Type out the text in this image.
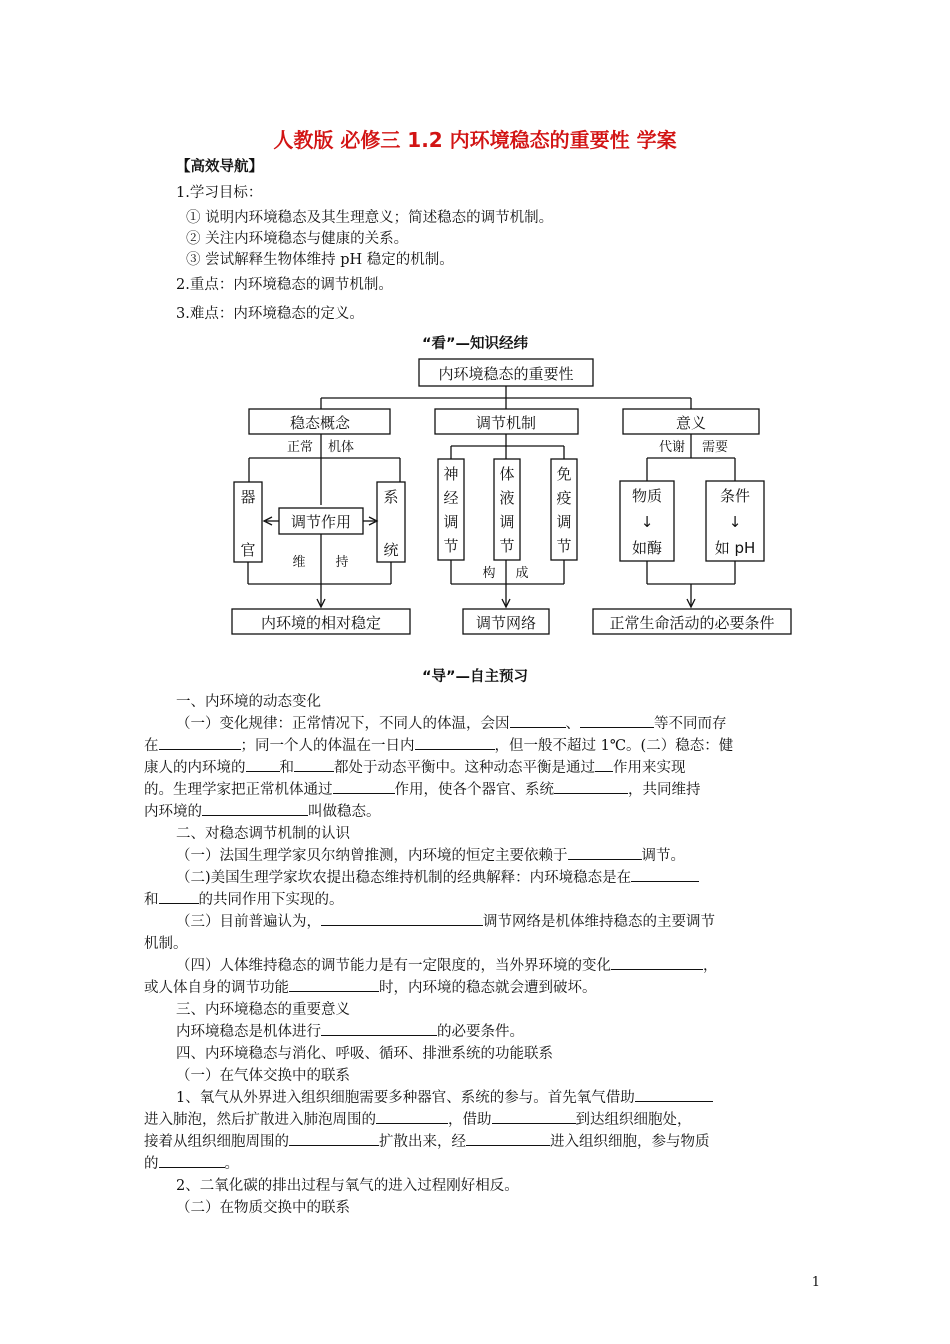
人教版 必修三 1.2 内环境稳态的重要性 学案
【高效导航】
1.学习目标：
① 说明内环境稳态及其生理意义；简述稳态的调节机制。
② 关注内环境稳态与健康的关系。
③ 尝试解释生物体维持 pH 稳定的机制。
2.重点：内环境稳态的调节机制。
3.难点：内环境稳态的定义。
“看”—知识经纬
内环境稳态的重要性
稳态概念	调节机制	意义
正常 机体
器
官
系
统
调节作用
维 持
神
经
调
节
体
液
调
节
免
疫
调
节
构 成
代谢 需要
物质
↓
如酶
条件
↓
如 pH
内环境的相对稳定	调节网络	正常生命活动的必要条件
“导”—自主预习
一、内环境的动态变化
（一）变化规律：正常情况下，不同人的体温，会因	、	等不同而存
在	；同一个人的体温在一日内	，但一般不超过 1℃。(二）稳态：健
康人的内环境的 和	都处于动态平衡中。这种动态平衡是通过 作用来实现
的。生理学家把正常机体通过	作用，使各个器官、系统	，共同维持
内环境的	叫做稳态。
二、对稳态调节机制的认识
（一）法国生理学家贝尔纳曾推测，内环境的恒定主要依赖于	调节。
（二)美国生理学家坎农提出稳态维持机制的经典解释：内环境稳态是在
和	的共同作用下实现的。
（三）目前普遍认为，	调节网络是机体维持稳态的主要调节
机制。
（四）人体维持稳态的调节能力是有一定限度的，当外界环境的变化	，
或人体自身的调节功能	时，内环境的稳态就会遭到破坏。
三、内环境稳态的重要意义
内环境稳态是机体进行	的必要条件。
四、内环境稳态与消化、呼吸、循环、排泄系统的功能联系
（一）在气体交换中的联系
1、氧气从外界进入组织细胞需要多种器官、系统的参与。首先氧气借助
进入肺泡，然后扩散进入肺泡周围的	，借助	到达组织细胞处，
接着从组织细胞周围的	扩散出来，经	进入组织细胞，参与物质
的	。
2、二氧化碳的排出过程与氧气的进入过程刚好相反。
（二）在物质交换中的联系
1
